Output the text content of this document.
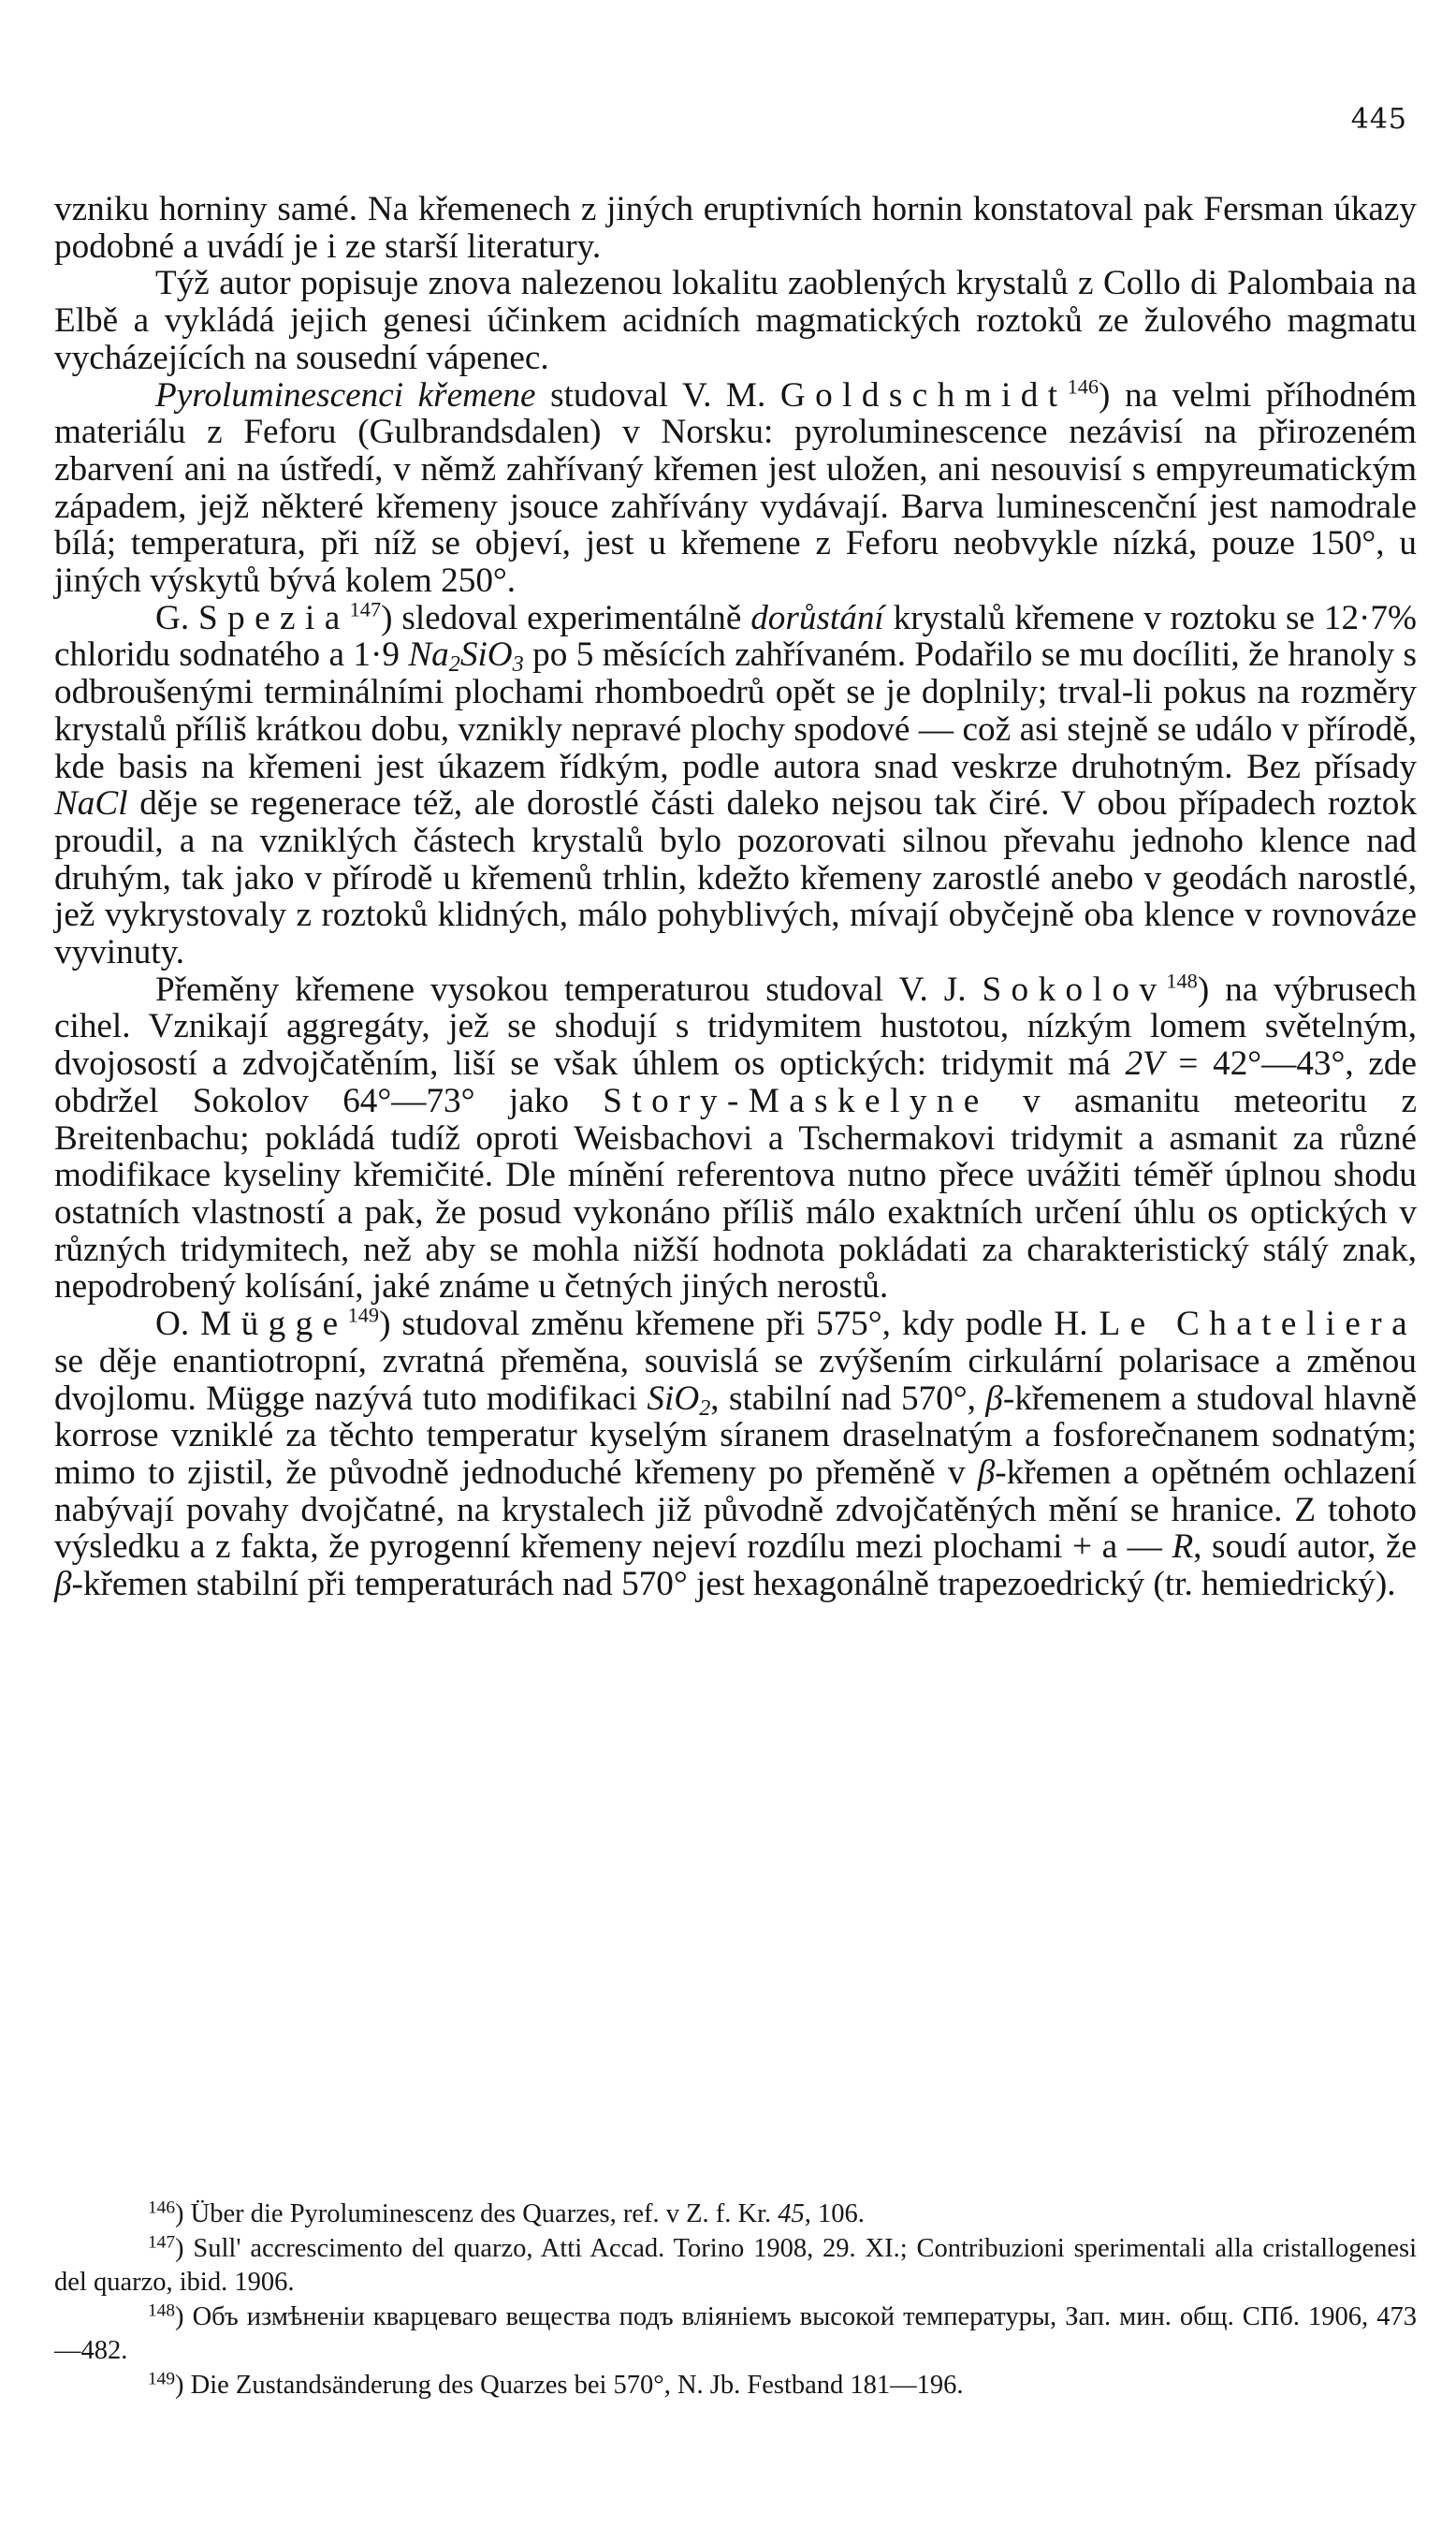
445

vzniku horniny samé. Na křemenech z jiných eruptivních hornin konstatoval pak Fersman úkazy podobné a uvádí je i ze starší literatury.

Týž autor popisuje znova nalezenou lokalitu zaoblených krystalů z Collo di Palombaia na Elbě a vykládá jejich genesi účinkem acidních magmatických roztoků ze žulového magmatu vycházejících na sousední vápenec.

Pyroluminescenci křemene studoval V. M. Goldschmidt$^{146}$) na velmi příhodném materiálu z Feforu (Gulbrandsdalen) v Norsku: pyroluminescence nezávisí na přirozeném zbarvení ani na ústředí, v němž zahřívaný křemen jest uložen, ani nesouvisí s empyreumatickým západem, jejž některé křemeny jsouce zahřívány vydávají. Barva luminescenční jest namodrale bílá; temperatura, při níž se objeví, jest u křemene z Feforu neobvykle nízká, pouze 150°, u jiných výskytů bývá kolem 250°.

G. Spezia$^{147}$) sledoval experimentálně dorůstání krystalů křemene v roztoku se 12·7% chloridu sodnatého a 1·9 $Na_2SiO_3$ po 5 měsících zahřívaném. Podařilo se mu docíliti, že hranoly s odbroušenými terminálními plochami rhomboedrů opět se je doplnily; trval-li pokus na rozměry krystalů příliš krátkou dobu, vznikly nepravé plochy spodové — což asi stejně se událo v přírodě, kde basis na křemeni jest úkazem řídkým, podle autora snad veskrze druhotným. Bez přísady NaCl děje se regenerace též, ale dorostlé části daleko nejsou tak čiré. V obou případech roztok proudil, a na vzniklých částech krystalů bylo pozorovati silnou převahu jednoho klence nad druhým, tak jako v přírodě u křemenů trhlin, kdežto křemeny zarostlé anebo v geodách narostlé, jež vykrystovaly z roztoků klidných, málo pohyblivých, mívají obyčejně oba klence v rovnováze vyvinuty.

Přeměny křemene vysokou temperaturou studoval V. J. Sokolov$^{148}$) na výbrusech cihel. Vznikají aggregáty, jež se shodují s tridymitem hustotou, nízkým lomem světelným, dvojosostí a zdvojčatěním, liší se však úhlem os optických: tridymit má 2V = 42°—43°, zde obdržel Sokolov 64°—73° jako Story-Maskelyne v asmanitu meteoritu z Breitenbachu; pokládá tudíž oproti Weisbachovi a Tschermakovi tridymit a asmanit za různé modifikace kyseliny křemičité. Dle mínění referentova nutno přece uvážiti téměř úplnou shodu ostatních vlastností a pak, že posud vykonáno příliš málo exaktních určení úhlu os optických v různých tridymitech, než aby se mohla nižší hodnota pokládati za charakteristický stálý znak, nepodrobený kolísání, jaké známe u četných jiných nerostů.

O. Mügge$^{149}$) studoval změnu křemene při 575°, kdy podle H. Le Chateliera se děje enantiotropní, zvratná přeměna, souvislá se zvýšením cirkulární polarisace a změnou dvojlomu. Mügge nazývá tuto modifikaci SiO$_2$, stabilní nad 570°, β-křemenem a studoval hlavně korrose vzniklé za těchto temperatur kyselým síranem draselnatým a fosforečnanem sodnatým; mimo to zjistil, že původně jednoduché křemeny po přeměně v β-křemen a opětném ochlazení nabývají povahy dvojčatné, na krystalech již původně zdvojčatěných mění se hranice. Z tohoto výsledku a z fakta, že pyrogenní křemeny nejeví rozdílu mezi plochami + a — R, soudí autor, že β-křemen stabilní při temperaturách nad 570° jest hexagonálně trapezoedrický (tr. hemiedrický).

$^{146}$) Über die Pyroluminescenz des Quarzes, ref. v Z. f. Kr. 45, 106.

$^{147}$) Sull' accrescimento del quarzo, Atti Accad. Torino 1908, 29. XI.; Contribuzioni sperimentali alla cristallogenesi del quarzo, ibid. 1906.

$^{148}$) Объ измѣненiи кварцеваго вещества подъ влiянiемъ высокой температуры, Зап. мин. общ. СПб. 1906, 473—482.

$^{149}$) Die Zustandsänderung des Quarzes bei 570°, N. Jb. Festband 181—196.
